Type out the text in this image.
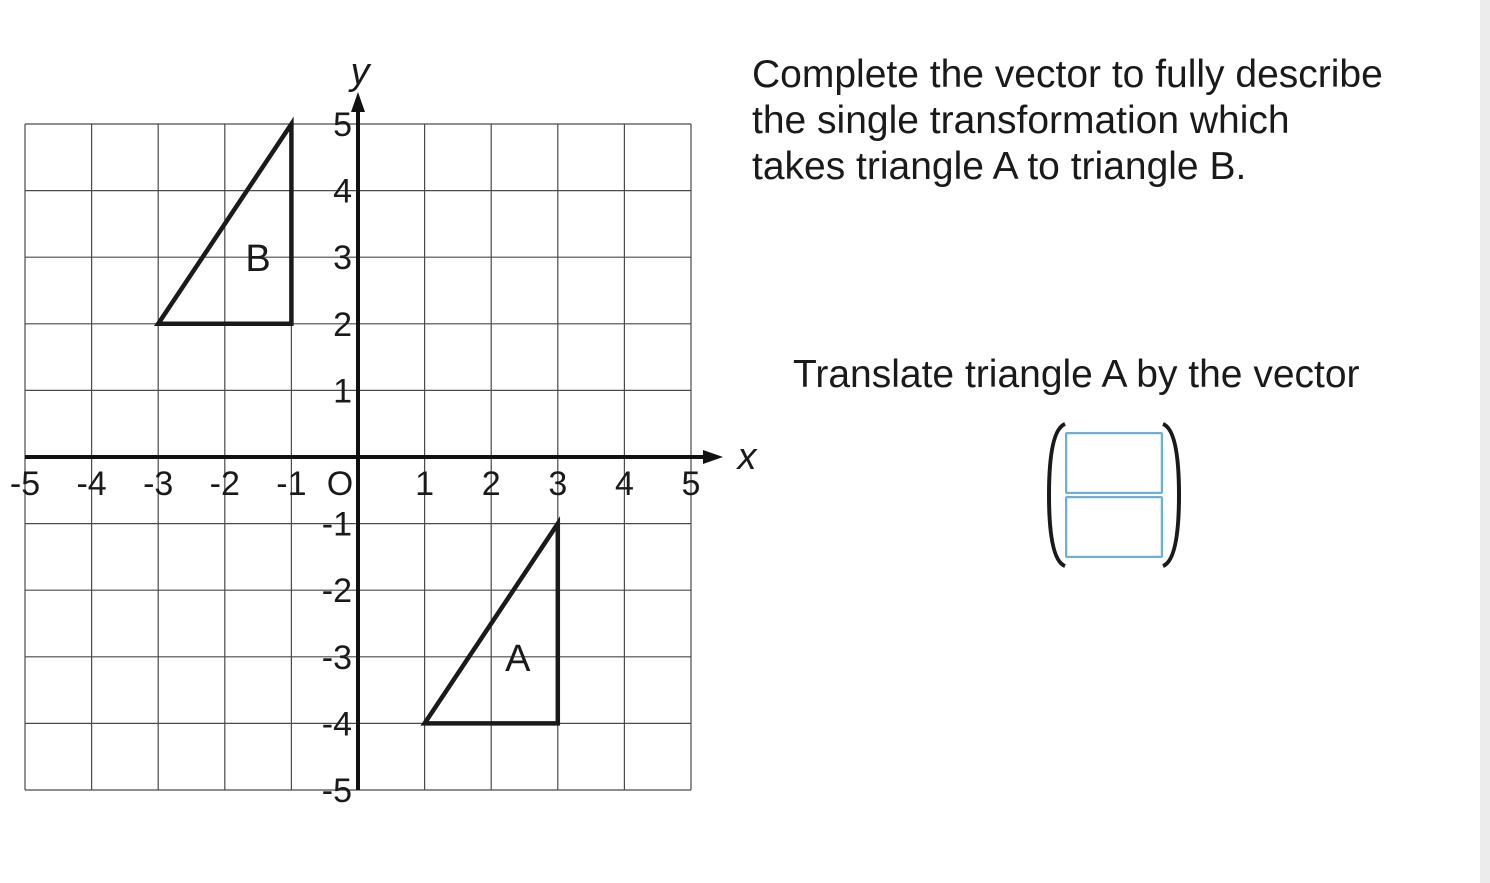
x
y
O
-5 -4 -3 -2 -1	1 2 3 4 5
5
4
3
2
1
-1
-2
-3
-4
-5
B
A
Complete the vector to fully describe
the single transformation which
takes triangle A to triangle B.
Translate triangle A by the vector
